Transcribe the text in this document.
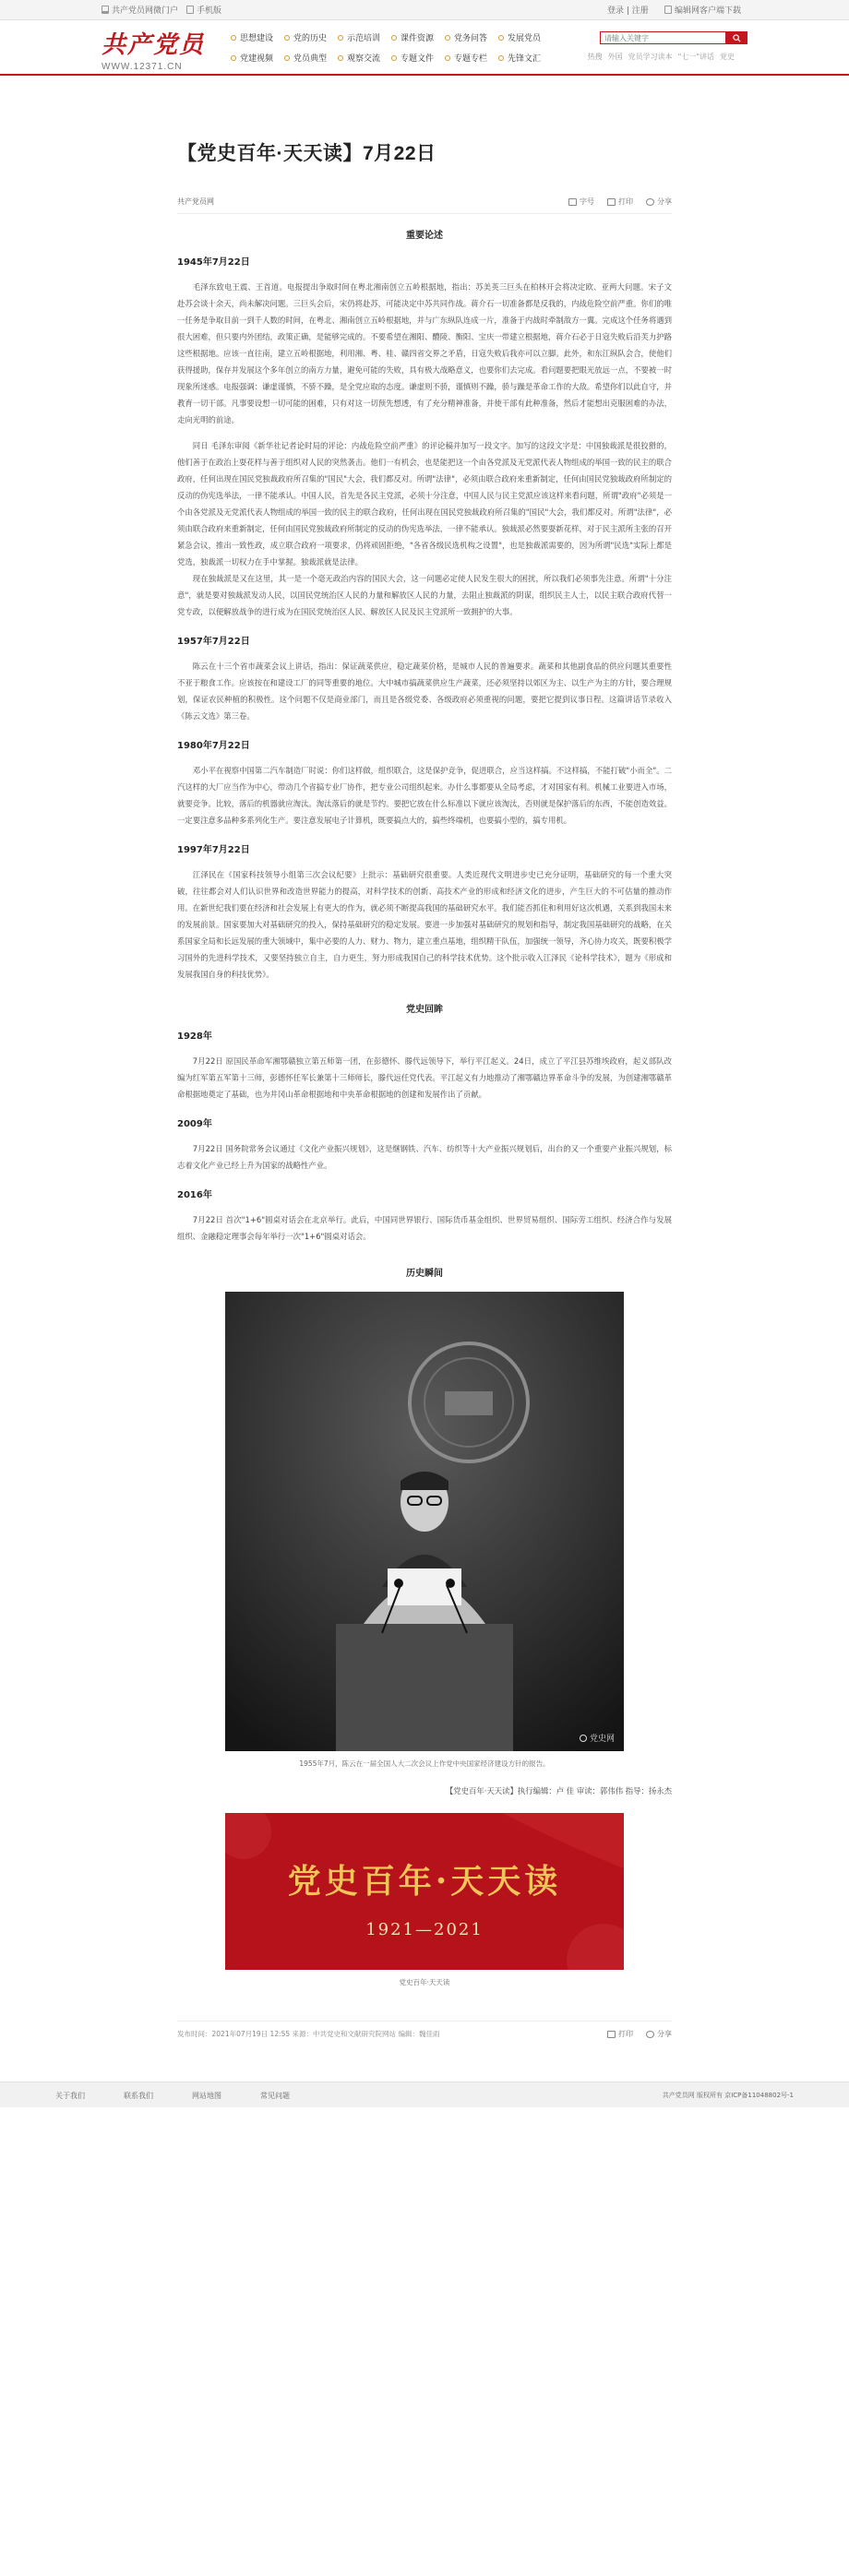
共产党员网微门户 手机版	登录 | 注册	编辑网客户端下载
共产党员
WWW.12371.CN
思想建设 党的历史 示范培训 课件资源 党务问答 发展党员
党建视频 党员典型 观察交流 专题文件 专题专栏 先锋文汇
请输入关键字	热搜 外国 党员学习读本 "七一"讲话 党史
【党史百年·天天读】7月22日
共产党员网	字号	打印	分享
重要论述
1945年7月22日

毛泽东致电王震、王首道。电报提出争取时间在粤北湘南创立五岭根据地，指出：苏美英三巨头在柏林开会将决定欧、亚两大问题。宋子文赴苏会谈十余天，尚未解决问题。三巨头会后，宋仍将赴苏，可能决定中苏共同作战。蒋介石一切准备都是反我的，内战危险空前严重。你们的唯一任务是争取目前一到千人数的时间，在粤北、湘南创立五岭根据地，并与广东纵队连成一片，准备于内战时牵制敌方一翼。完成这个任务将遇到很大困难，但只要内外团结，政策正确，是能够完成的。不要希望在湘阳、醴陵、衡阳、宝庆一带建立根据地，蒋介石必于日寇失败后沿芙力护路这些根据地。应该一直往南，建立五岭根据地，利用湘、粤、桂、赣四省交界之矛盾，日寇失败后我亦可以立脚。此外，和东江纵队会合，使他们获得援助，保存并发展这个多年创立的南方力量，避免可能的失败，具有极大战略意义，也要你们去完成。看问题要把眼光放远一点，不要被一时现象所迷惑。电报强调：谦虚谨慎，不骄不躁，是全党应取的态度。谦虚则不骄，谨慎则不躁，骄与躁是革命工作的大敌。希望你们以此自守，并教育一切干部。凡事要设想一切可能的困难，只有对这一切预先想透，有了充分精神准备，并使干部有此种准备，然后才能想出克服困难的办法，走向光明的前途。

同日 毛泽东审阅《新华社记者论时局的评论：内战危险空前严重》的评论稿并加写一段文字。加写的这段文字是：中国独裁派是很狡猾的，他们善于在政治上耍花样与善于组织对人民的突然袭击。他们一有机会，也是能把这一个由各党派及无党派代表人物组成的举国一致的民主的联合政府，任何出现在国民党独裁政府所召集的"国民"大会，我们都反对。所谓"法律"，必须由联合政府来重新制定，任何由国民党独裁政府所制定的反动的伪宪选举法，一律不能承认。中国人民，首先是各民主党派，必须十分注意，中国人民与民主党派应该这样来看问题，所谓"政府"必须是一个由各党派及无党派代表人物组成的举国一致的民主的联合政府，任何出现在国民党独裁政府所召集的"国民"大会，我们都反对。所谓"法律"，必须由联合政府来重新制定，任何由国民党独裁政府所制定的反动的伪宪选举法，一律不能承认。独裁派必然要耍新花样，对于民主派所主张的召开紧急会议，推出一致性政，成立联合政府一项要求，仍将顽固拒绝，"各省各级民选机构之设置"，也是独裁派需要的，因为所谓"民选"实际上都是党选，独裁派一切权力在手中掌握。独裁派就是法律。

现在独裁派是又在这里，其一是一个毫无政治内容的国民大会，这一问题必定使人民发生很大的困扰，所以我们必须事先注意。所谓"十分注意"，就是要对独裁派发动人民，以国民党统治区人民的力量和解放区人民的力量，去阻止独裁派的阴谋，组织民主人士，以民主联合政府代替一党专政，以便解放战争的进行成为在国民党统治区人民、解放区人民及民主党派所一致拥护的大事。

1957年7月22日

陈云在十三个省市蔬菜会议上讲话，指出：保证蔬菜供应，稳定蔬菜价格，是城市人民的普遍要求。蔬菜和其他副食品的供应问题其重要性不亚于粮食工作。应该按在和建设工厂的同等重要的地位。大中城市搞蔬菜供应生产蔬菜，还必须坚持以郊区为主、以生产为主的方针，要合理规划，保证农民种植的积极性。这个问题不仅是商业部门，而且是各级党委、各级政府必须重视的问题，要把它提到议事日程。这篇讲话节录收入《陈云文选》第三卷。

1980年7月22日

邓小平在视察中国第二汽车制造厂时说：你们这样做，组织联合，这是保护竞争，促进联合，应当这样搞。不这样搞，不能打破"小而全"。二汽这样的大厂应当作为中心，带动几个省搞专业厂协作，把专业公司组织起来。办什么事都要从全局考虑，才对国家有利。机械工业要进入市场，就要竞争。比较，落后的机器就应淘汰。淘汰落后的就是节约。要把它放在什么标准以下就应该淘汰，否则就是保护落后的东西，不能创造效益。一定要注意多品种多系列化生产。要注意发展电子计算机，既要搞点大的，搞些终端机，也要搞小型的，搞专用机。

1997年7月22日

江泽民在《国家科技领导小组第三次会议纪要》上批示：基础研究很重要。人类近现代文明进步史已充分证明，基础研究的每一个重大突破，往往都会对人们认识世界和改造世界能力的提高，对科学技术的创新、高技术产业的形成和经济文化的进步，产生巨大的不可估量的推动作用。在新世纪我们要在经济和社会发展上有更大的作为，就必须不断提高我国的基础研究水平。我们能否抓住和利用好这次机遇，关系到我国未来的发展前景。国家要加大对基础研究的投入，保持基础研究的稳定发展。要进一步加强对基础研究的规划和指导，制定我国基础研究的战略，在关系国家全局和长远发展的重大领域中，集中必要的人力、财力、物力，建立重点基地，组织精干队伍，加强统一领导，齐心协力攻关，既要积极学习国外的先进科学技术，又要坚持独立自主，自力更生，努力形成我国自己的科学技术优势。这个批示收入江泽民《论科学技术》，题为《形成和发展我国自身的科技优势》。

党史回眸
1928年

7月22日 原国民革命军湘鄂赣独立第五师第一团，在彭德怀、滕代远领导下，举行平江起义。24日，成立了平江县苏维埃政府，起义部队改编为红军第五军第十三师，彭德怀任军长兼第十三师师长，滕代远任党代表。平江起义有力地推动了湘鄂赣边界革命斗争的发展，为创建湘鄂赣革命根据地奠定了基础，也为井冈山革命根据地和中央革命根据地的创建和发展作出了贡献。

2009年

7月22日 国务院常务会议通过《文化产业振兴规划》，这是继钢铁、汽车、纺织等十大产业振兴规划后，出台的又一个重要产业振兴规划，标志着文化产业已经上升为国家的战略性产业。

2016年

7月22日 首次"1+6"圆桌对话会在北京举行。此后，中国同世界银行、国际货币基金组织、世界贸易组织、国际劳工组织、经济合作与发展组织、金融稳定理事会每年举行一次"1+6"圆桌对话会。

历史瞬间
党史网
1955年7月，陈云在一届全国人大二次会议上作党中央国家经济建设方针的报告。
【党史百年·天天读】执行编辑：卢 佳 审读：郭伟伟 指导：扬永杰
党史百年·天天读
1921—2021
党史百年·天天读
发布时间：2021年07月19日 12:55 来源：中共党史和文献研究院网站 编辑：魏佳雨	打印	分享
关于我们	联系我们	网站地图	常见问题	共产党员网 版权所有 京ICP备11048802号-1
